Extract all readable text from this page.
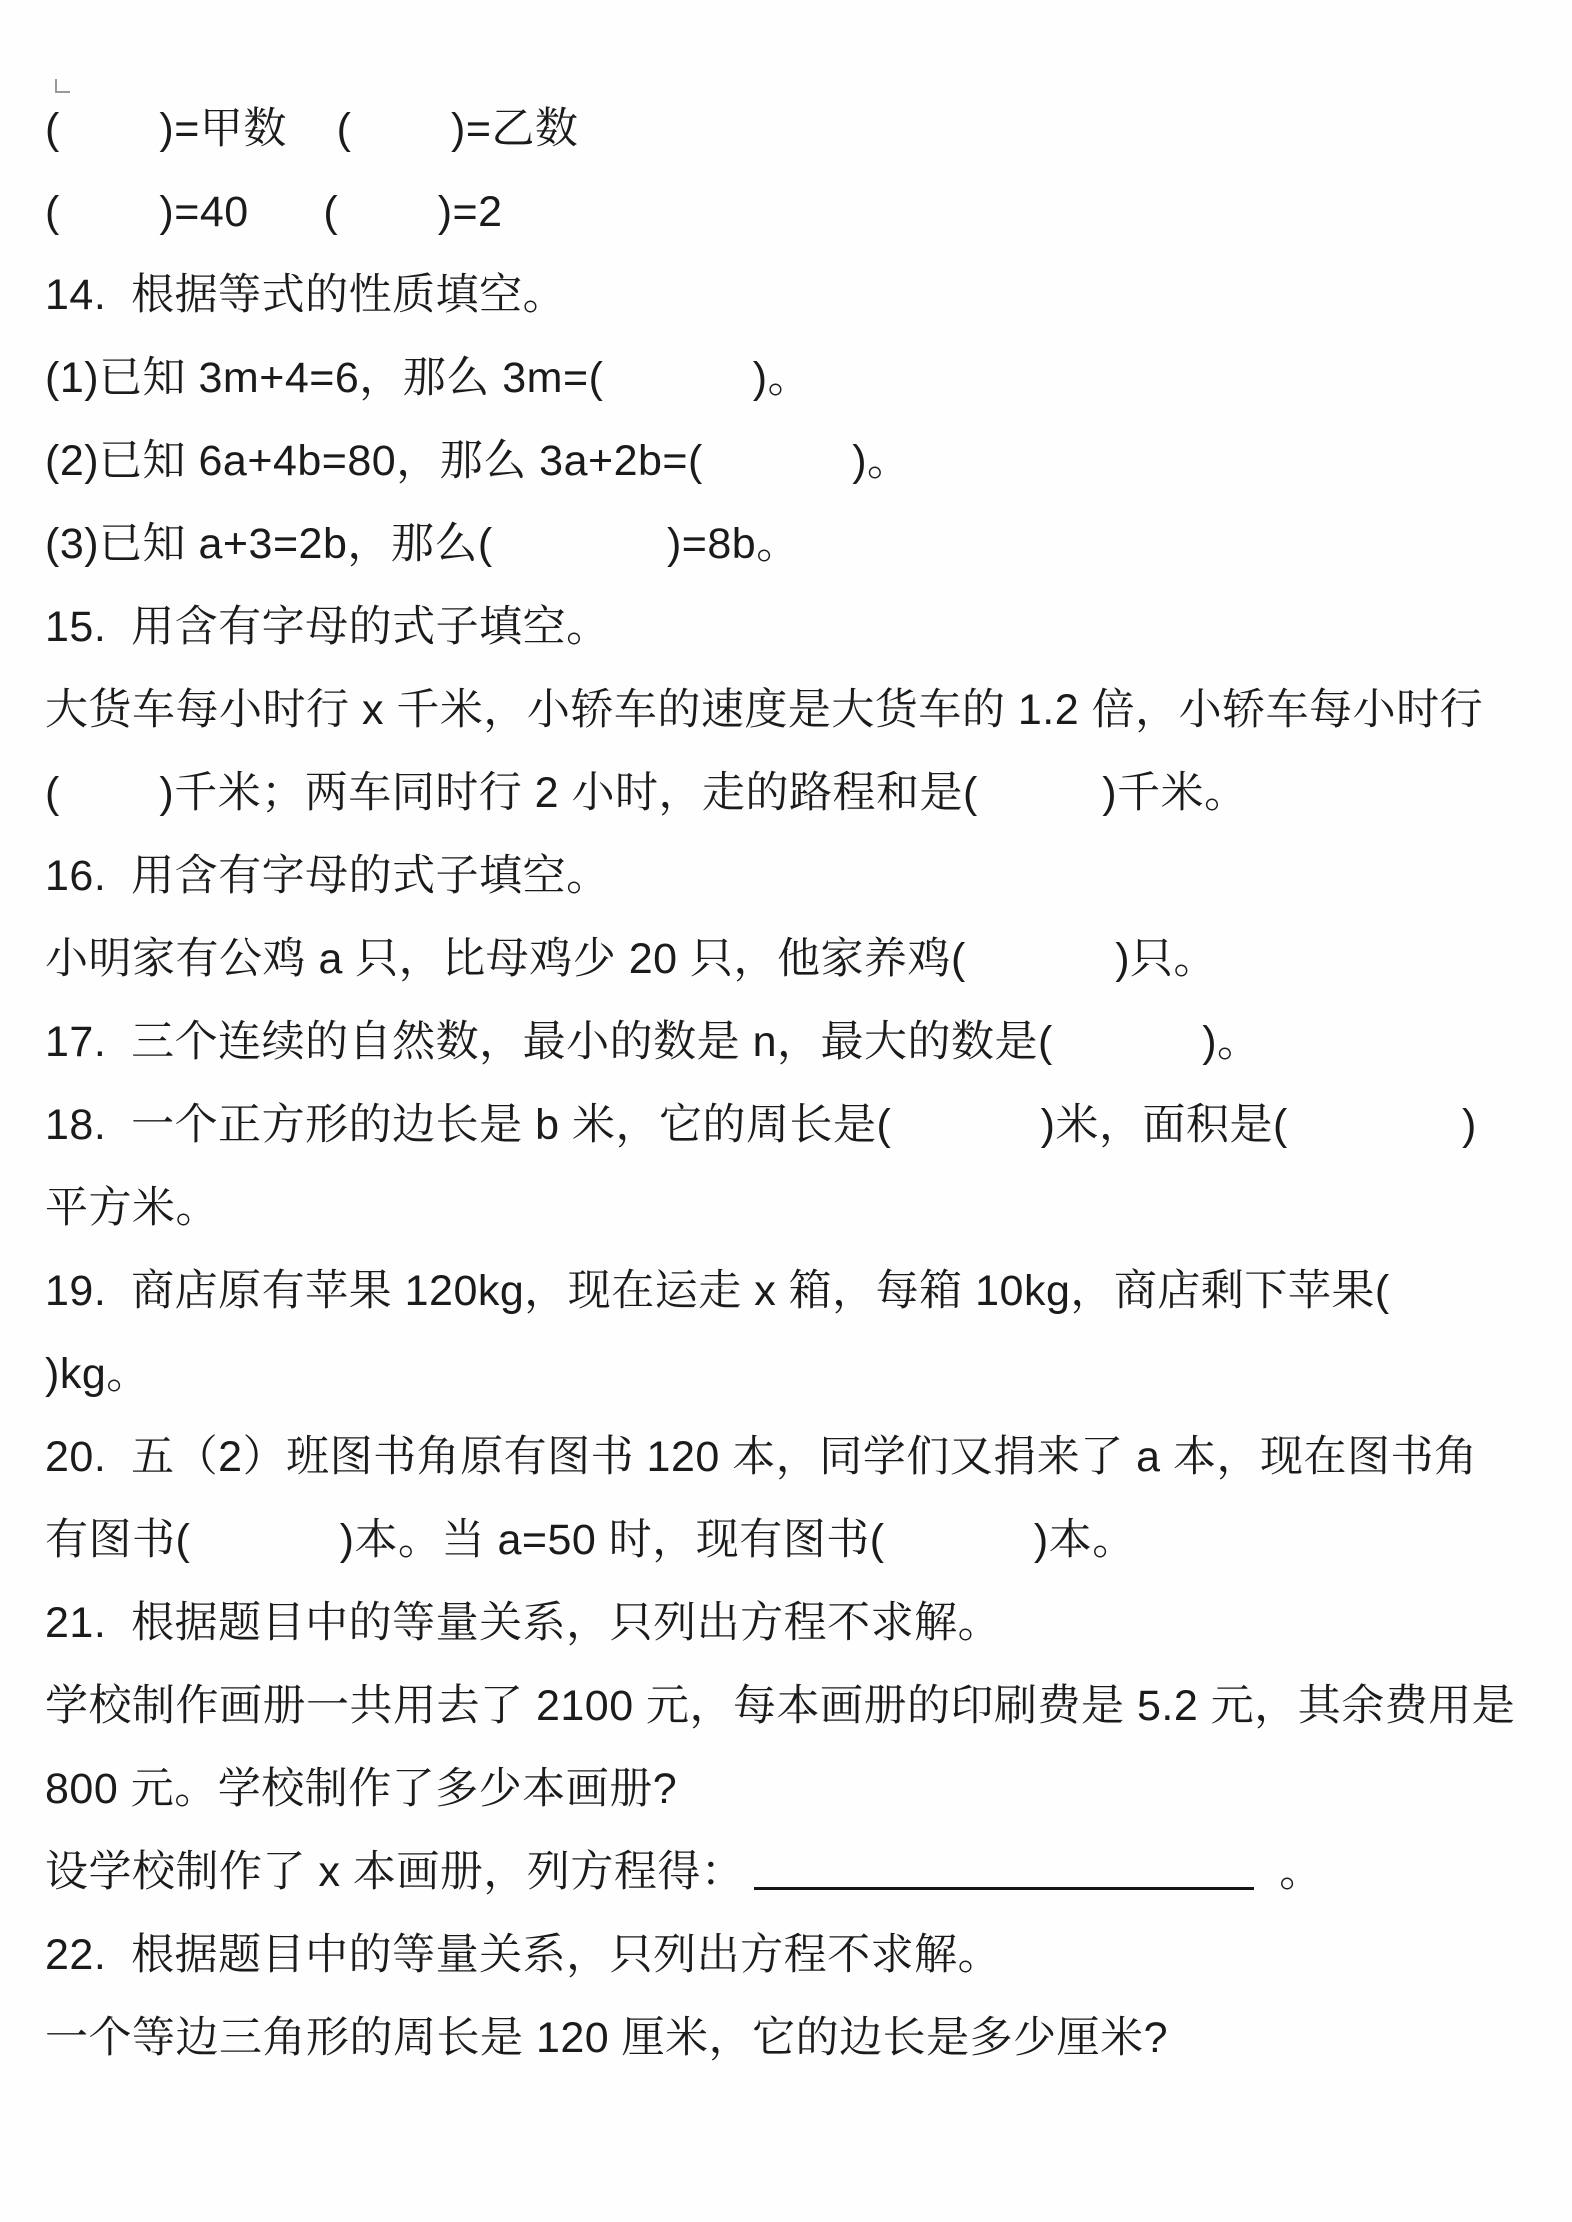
(        )=甲数    (        )=乙数
(        )=40      (        )=2
14.  根据等式的性质填空。
(1)已知 3m+4=6，那么 3m=(            )。
(2)已知 6a+4b=80，那么 3a+2b=(            )。
(3)已知 a+3=2b，那么(              )=8b。
15.  用含有字母的式子填空。
大货车每小时行 x 千米，小轿车的速度是大货车的 1.2 倍，小轿车每小时行
(        )千米；两车同时行 2 小时，走的路程和是(          )千米。
16.  用含有字母的式子填空。
小明家有公鸡 a 只，比母鸡少 20 只，他家养鸡(            )只。
17.  三个连续的自然数，最小的数是 n，最大的数是(            )。
18.  一个正方形的边长是 b 米，它的周长是(            )米，面积是(              )
平方米。
19.  商店原有苹果 120kg，现在运走 x 箱，每箱 10kg，商店剩下苹果(
)kg。
20.  五（2）班图书角原有图书 120 本，同学们又捐来了 a 本，现在图书角
有图书(            )本。当 a=50 时，现有图书(            )本。
21.  根据题目中的等量关系，只列出方程不求解。
学校制作画册一共用去了 2100 元，每本画册的印刷费是 5.2 元，其余费用是
800 元。学校制作了多少本画册?
设学校制作了 x 本画册，列方程得：	。
22.  根据题目中的等量关系，只列出方程不求解。
一个等边三角形的周长是 120 厘米，它的边长是多少厘米?
